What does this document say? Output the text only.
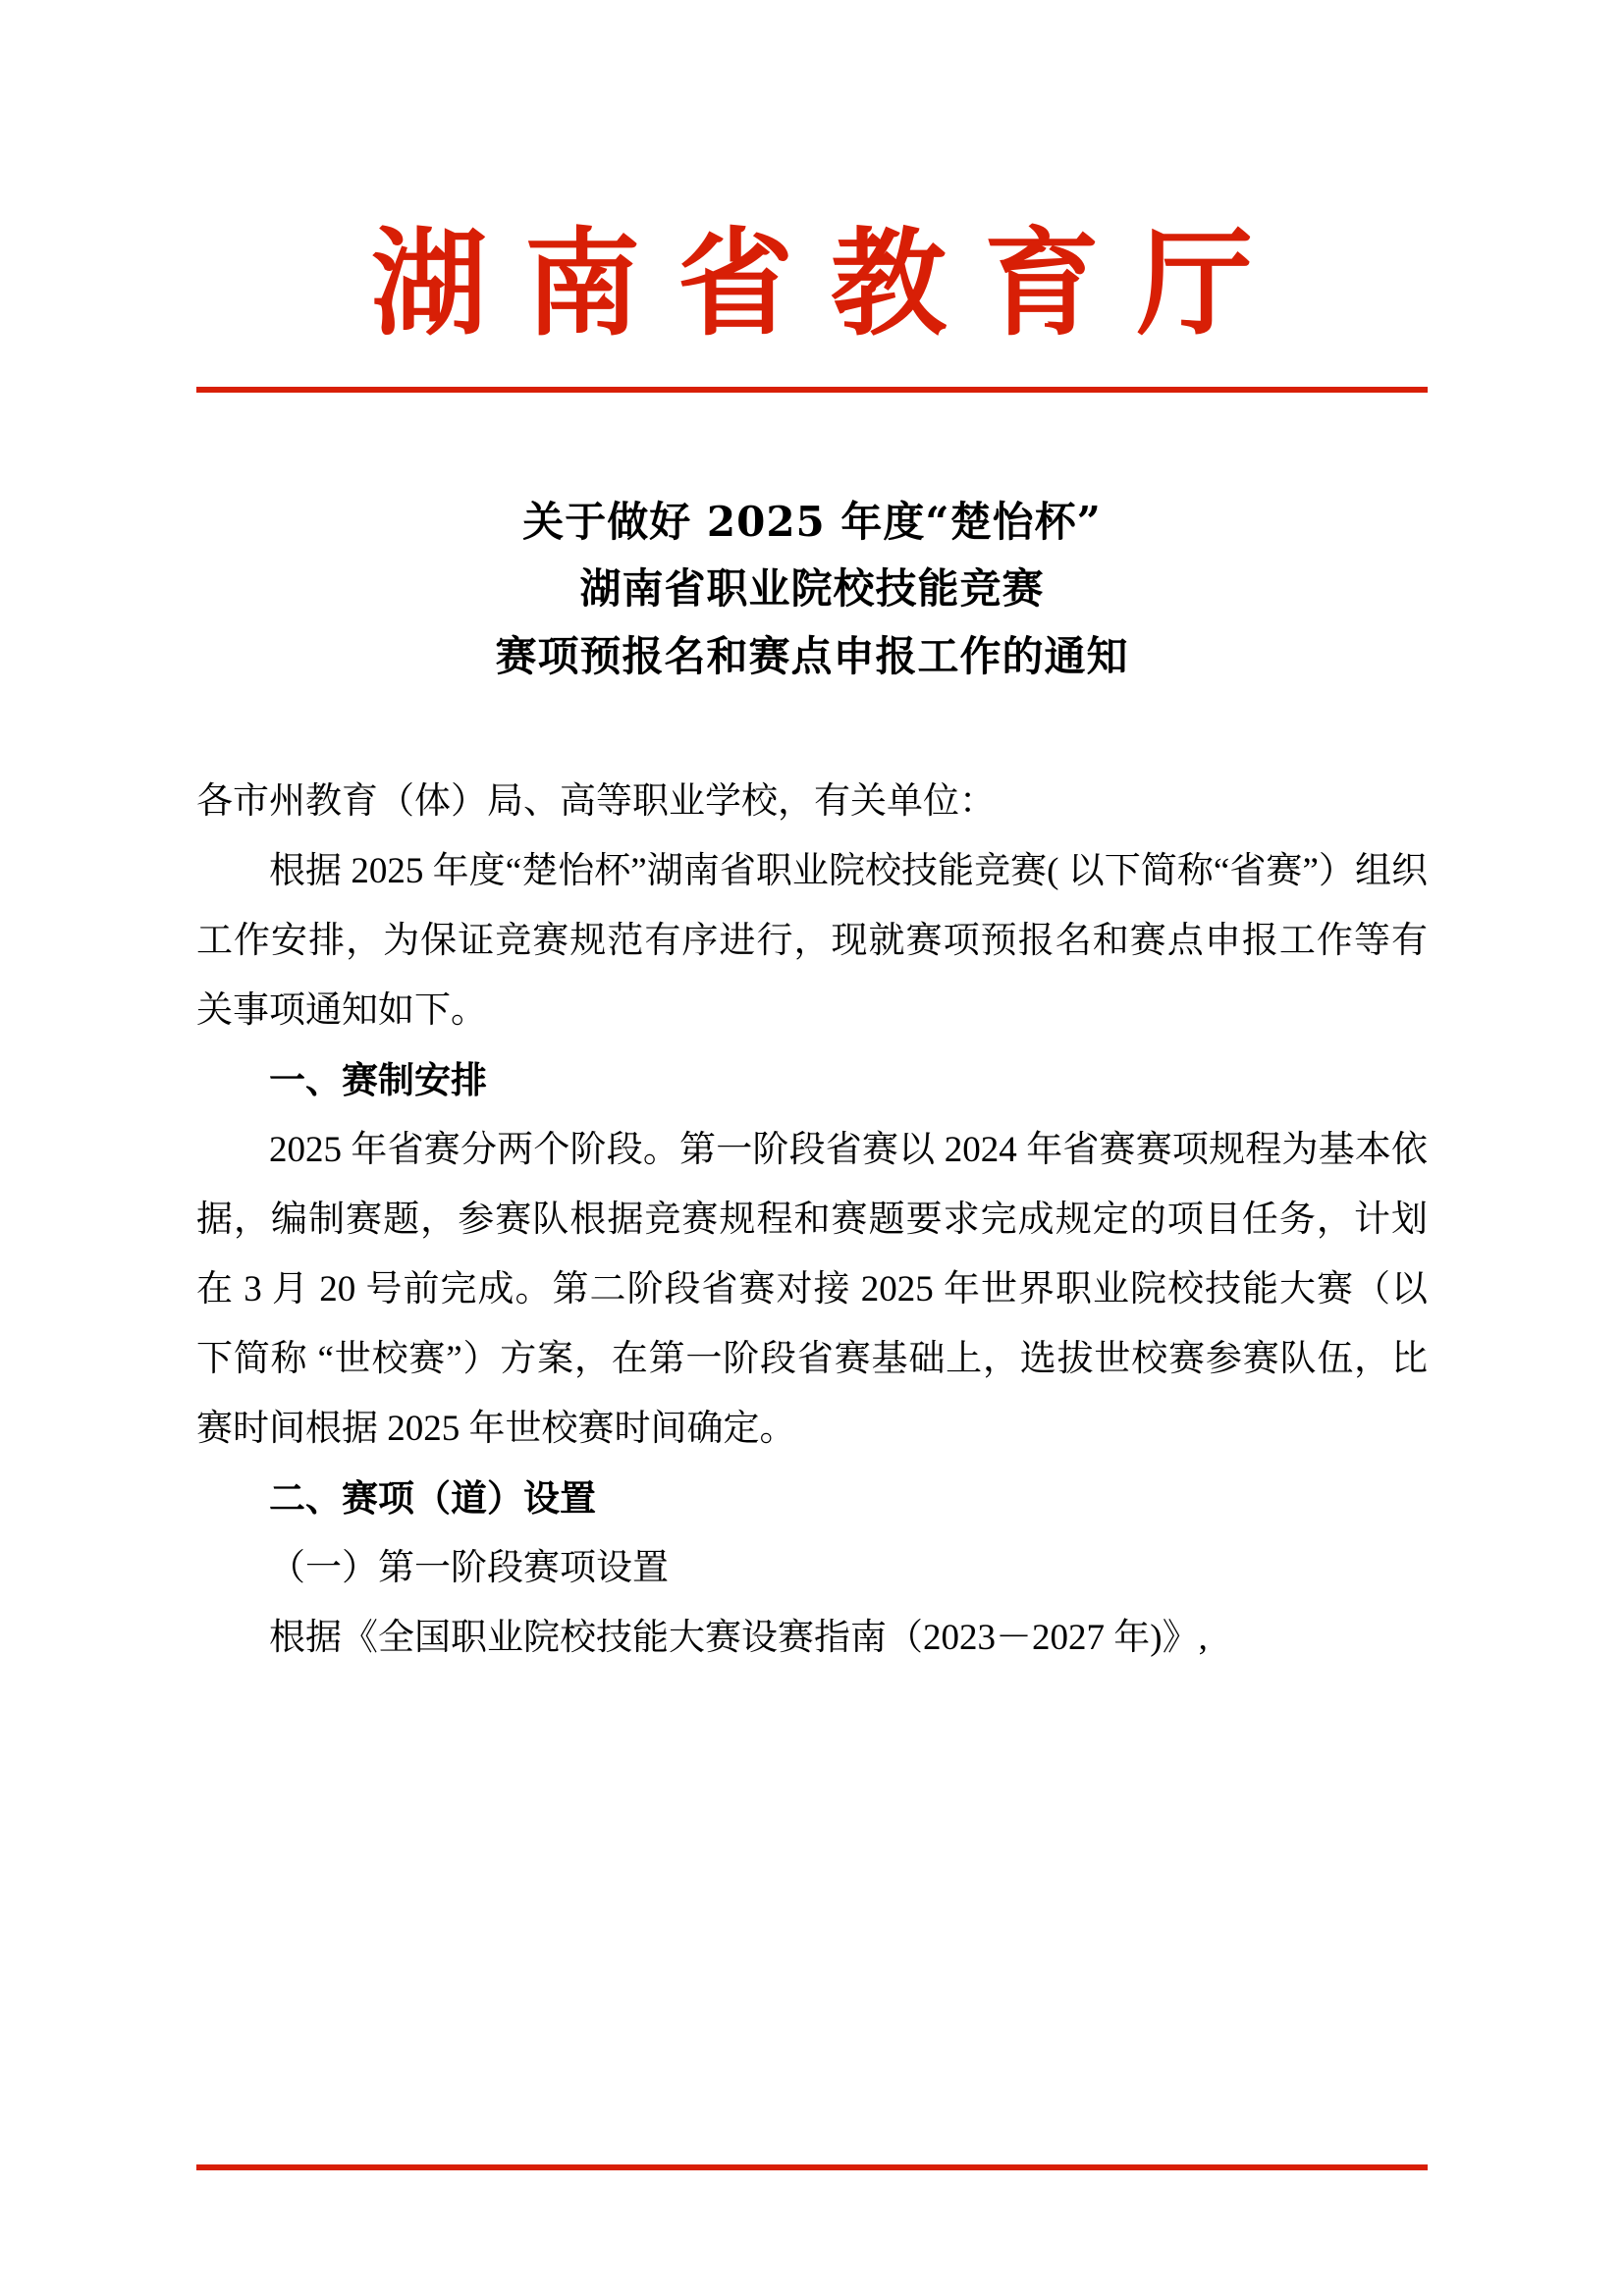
湖南省教育厅
关于做好 2025 年度“楚怡杯”
湖南省职业院校技能竞赛
赛项预报名和赛点申报工作的通知

各市州教育（体）局、高等职业学校，有关单位：

根据 2025 年度“楚怡杯”湖南省职业院校技能竞赛( 以下简称“省赛”）组织工作安排，为保证竞赛规范有序进行，现就赛项预报名和赛点申报工作等有关事项通知如下。

一、赛制安排

2025 年省赛分两个阶段。第一阶段省赛以 2024 年省赛赛项规程为基本依据，编制赛题，参赛队根据竞赛规程和赛题要求完成规定的项目任务，计划在 3 月 20 号前完成。第二阶段省赛对接 2025 年世界职业院校技能大赛（以下简称 “世校赛”）方案，在第一阶段省赛基础上，选拔世校赛参赛队伍，比赛时间根据 2025 年世校赛时间确定。

二、赛项（道）设置

（一）第一阶段赛项设置

根据《全国职业院校技能大赛设赛指南（2023－2027 年)》,
